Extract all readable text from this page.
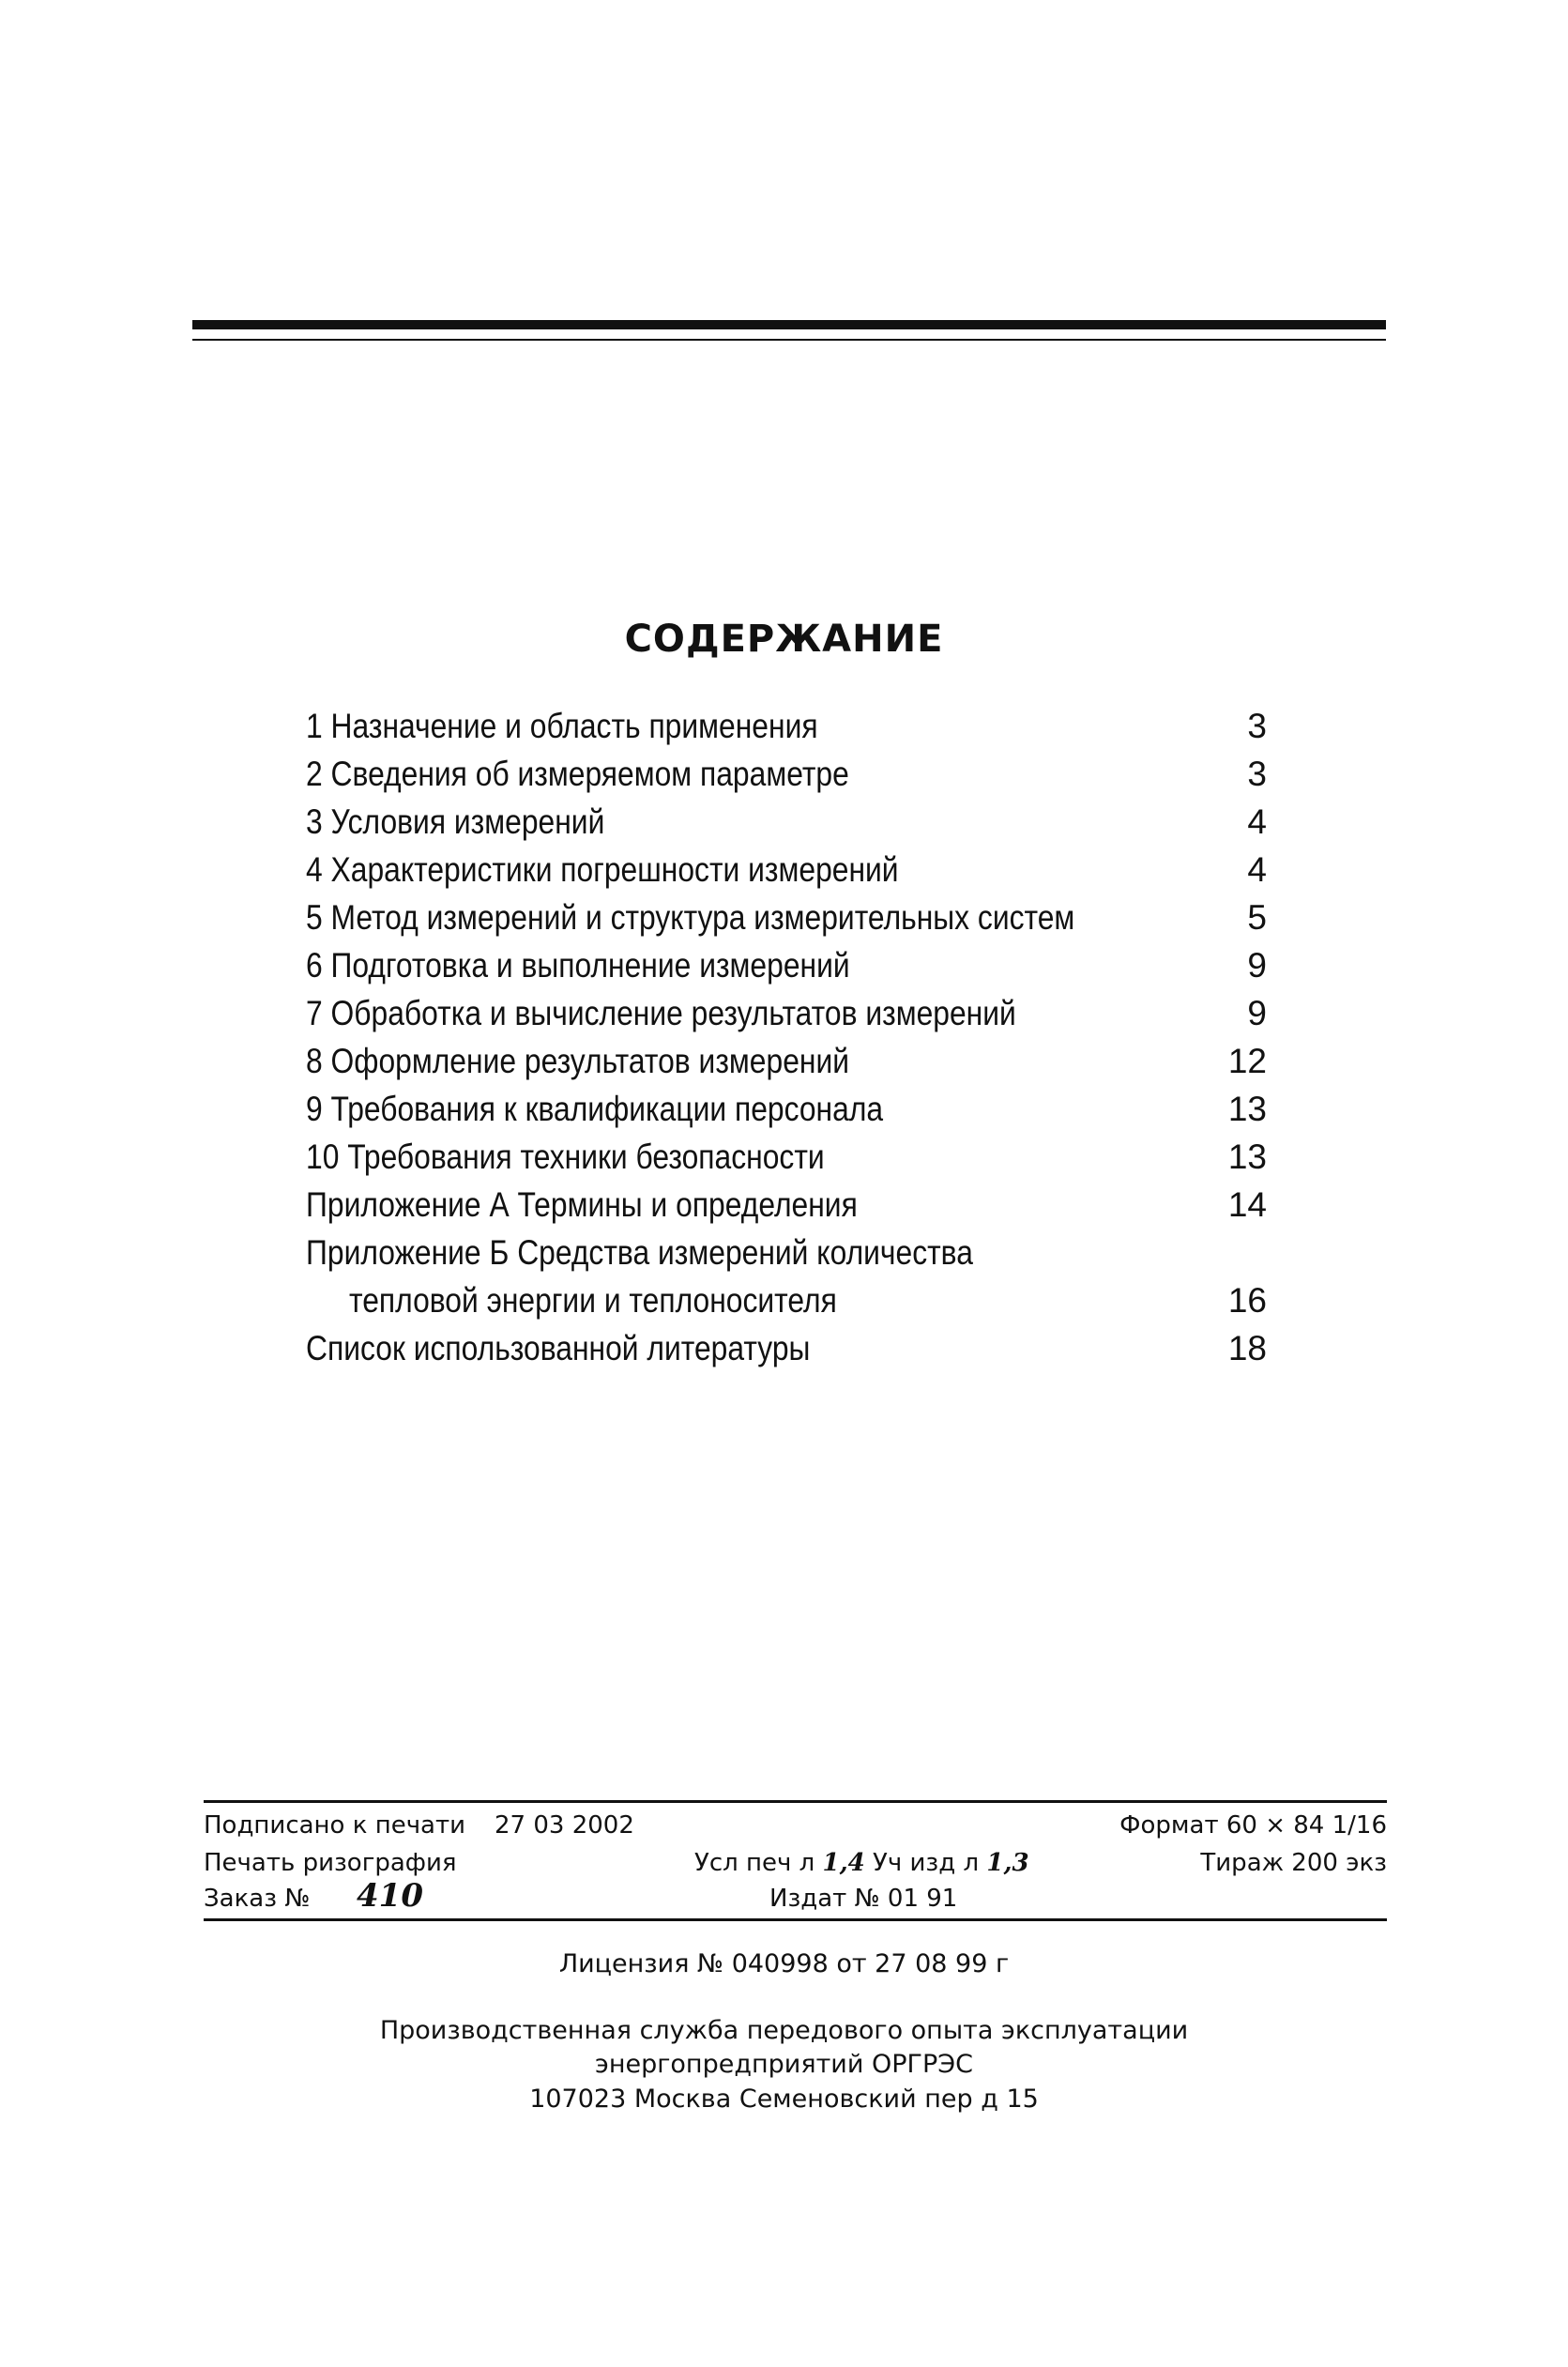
СОДЕРЖАНИЕ
1 Назначение и область применения	3
2 Сведения об измеряемом параметре	3
3 Условия измерений	4
4 Характеристики погрешности измерений	4
5 Метод измерений и структура измерительных систем	5
6 Подготовка и выполнение измерений	9
7 Обработка и вычисление результатов измерений	9
8 Оформление результатов измерений	12
9 Требования к квалификации персонала	13
10 Требования техники безопасности	13
Приложение А Термины и определения	14
Приложение Б Средства измерений количества
тепловой энергии и теплоносителя	16
Список использованной литературы	18
Подписано к печати 27 03 2002	Формат 60 × 84 1/16
Печать ризография	Усл печ л 1,4 Уч изд л 1,3	Тираж 200 экз
Заказ № 410	Издат № 01 91
Лицензия № 040998 от 27 08 99 г
Производственная служба передового опыта эксплуатации
энергопредприятий ОРГРЭС
107023 Москва Семеновский пер д 15
